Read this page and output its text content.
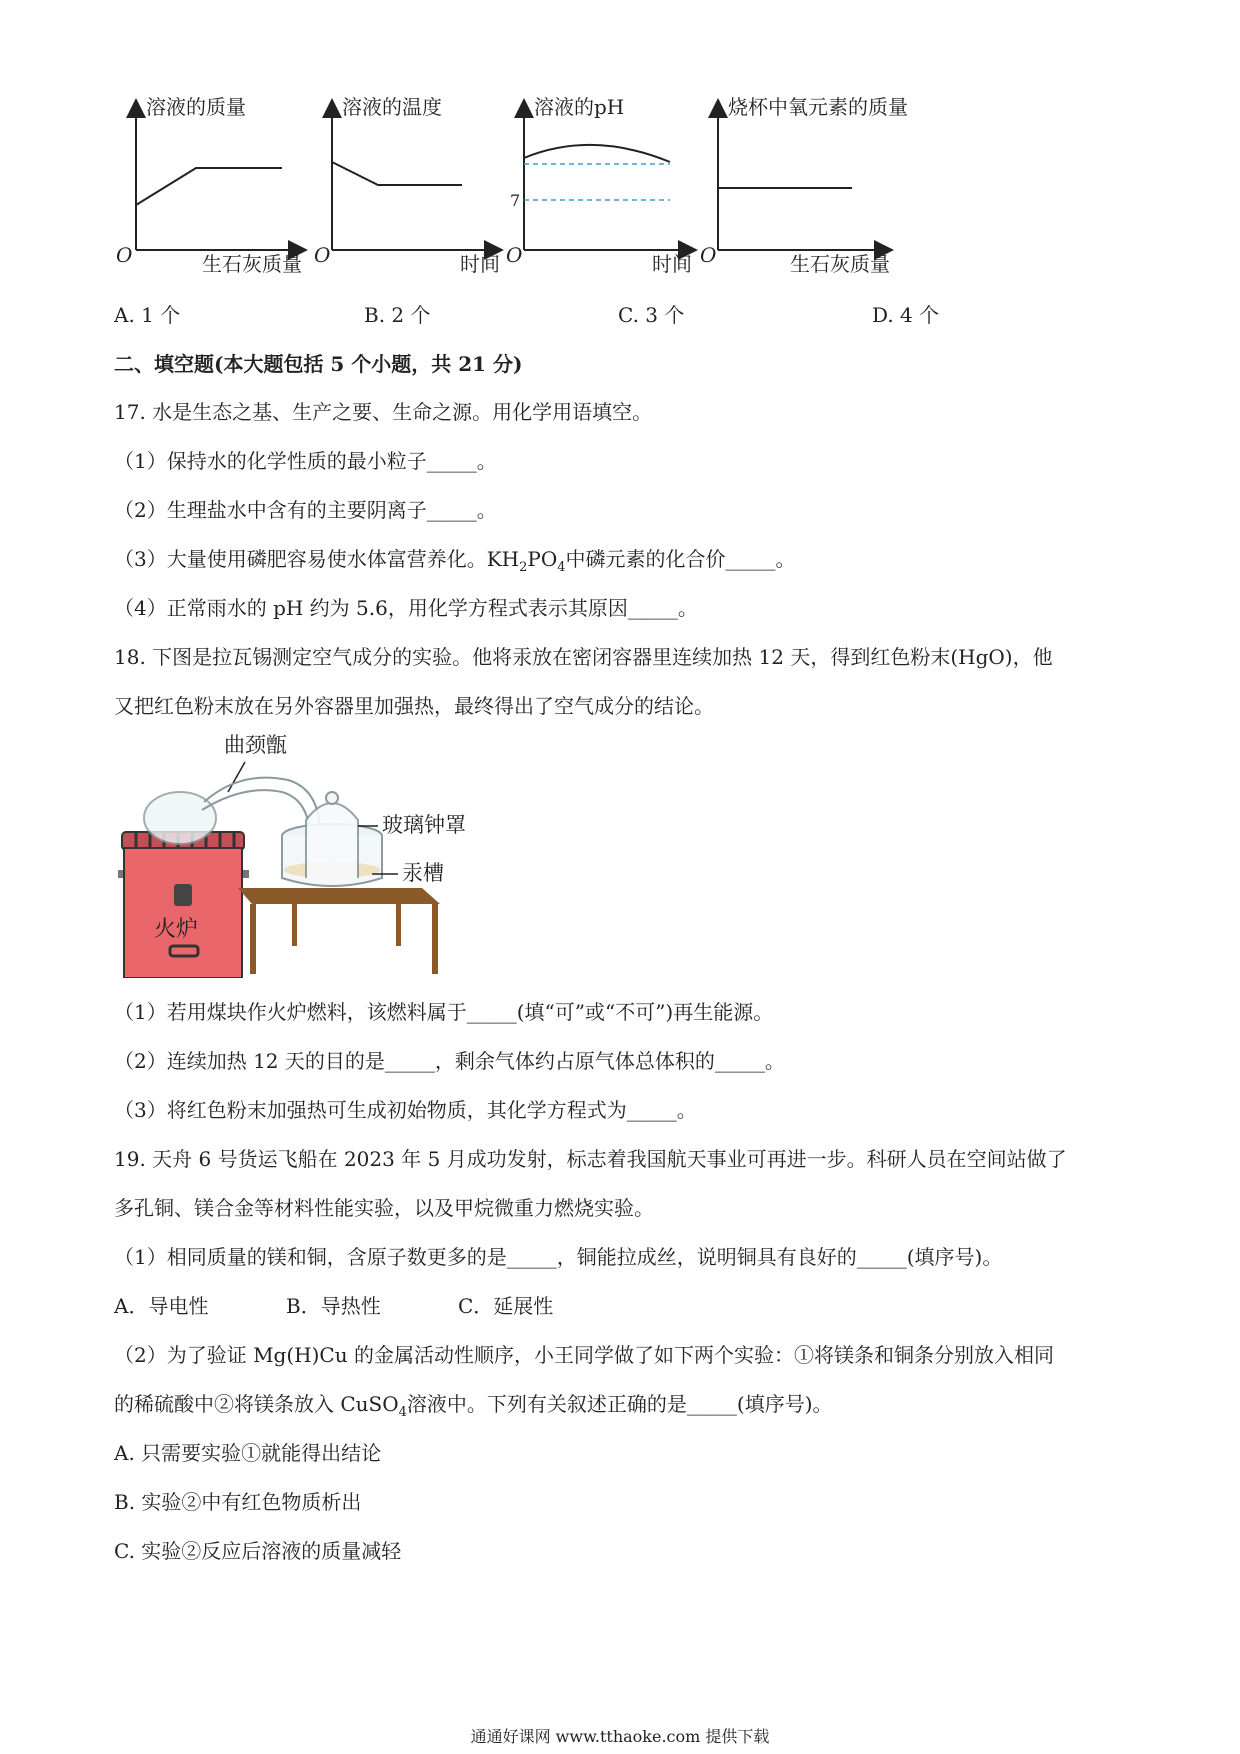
溶液的质量
生石灰质量
O
溶液的温度
时间
O
7
溶液的pH
时间
O
烧杯中氧元素的质量
生石灰质量
O
A. 1 个	B. 2 个	C. 3 个	D. 4 个
二、填空题(本大题包括 5 个小题，共 21 分)
17. 水是生态之基、生产之要、生命之源。用化学用语填空。
（1）保持水的化学性质的最小粒子_____。
（2）生理盐水中含有的主要阴离子_____。
（3）大量使用磷肥容易使水体富营养化。$KH_2PO_4$中磷元素的化合价_____。
（4）正常雨水的 pH 约为 5.6，用化学方程式表示其原因_____。
18. 下图是拉瓦锡测定空气成分的实验。他将汞放在密闭容器里连续加热 12 天，得到红色粉末(HgO)，他
又把红色粉末放在另外容器里加强热，最终得出了空气成分的结论。
曲颈甑
火炉
玻璃钟罩
汞槽
（1）若用煤块作火炉燃料，该燃料属于_____(填“可”或“不可”)再生能源。
（2）连续加热 12 天的目的是_____，剩余气体约占原气体总体积的_____。
（3）将红色粉末加强热可生成初始物质，其化学方程式为_____。
19. 天舟 6 号货运飞船在 2023 年 5 月成功发射，标志着我国航天事业可再进一步。科研人员在空间站做了
多孔铜、镁合金等材料性能实验，以及甲烷微重力燃烧实验。
（1）相同质量的镁和铜，含原子数更多的是_____，铜能拉成丝，说明铜具有良好的_____(填序号)。
A．导电性	B．导热性	C．延展性
（2）为了验证 Mg(H)Cu 的金属活动性顺序，小王同学做了如下两个实验：①将镁条和铜条分别放入相同
的稀硫酸中②将镁条放入 CuSO$_4$溶液中。下列有关叙述正确的是_____(填序号)。
A. 只需要实验①就能得出结论
B. 实验②中有红色物质析出
C. 实验②反应后溶液的质量减轻
通通好课网 www.tthaoke.com 提供下载
